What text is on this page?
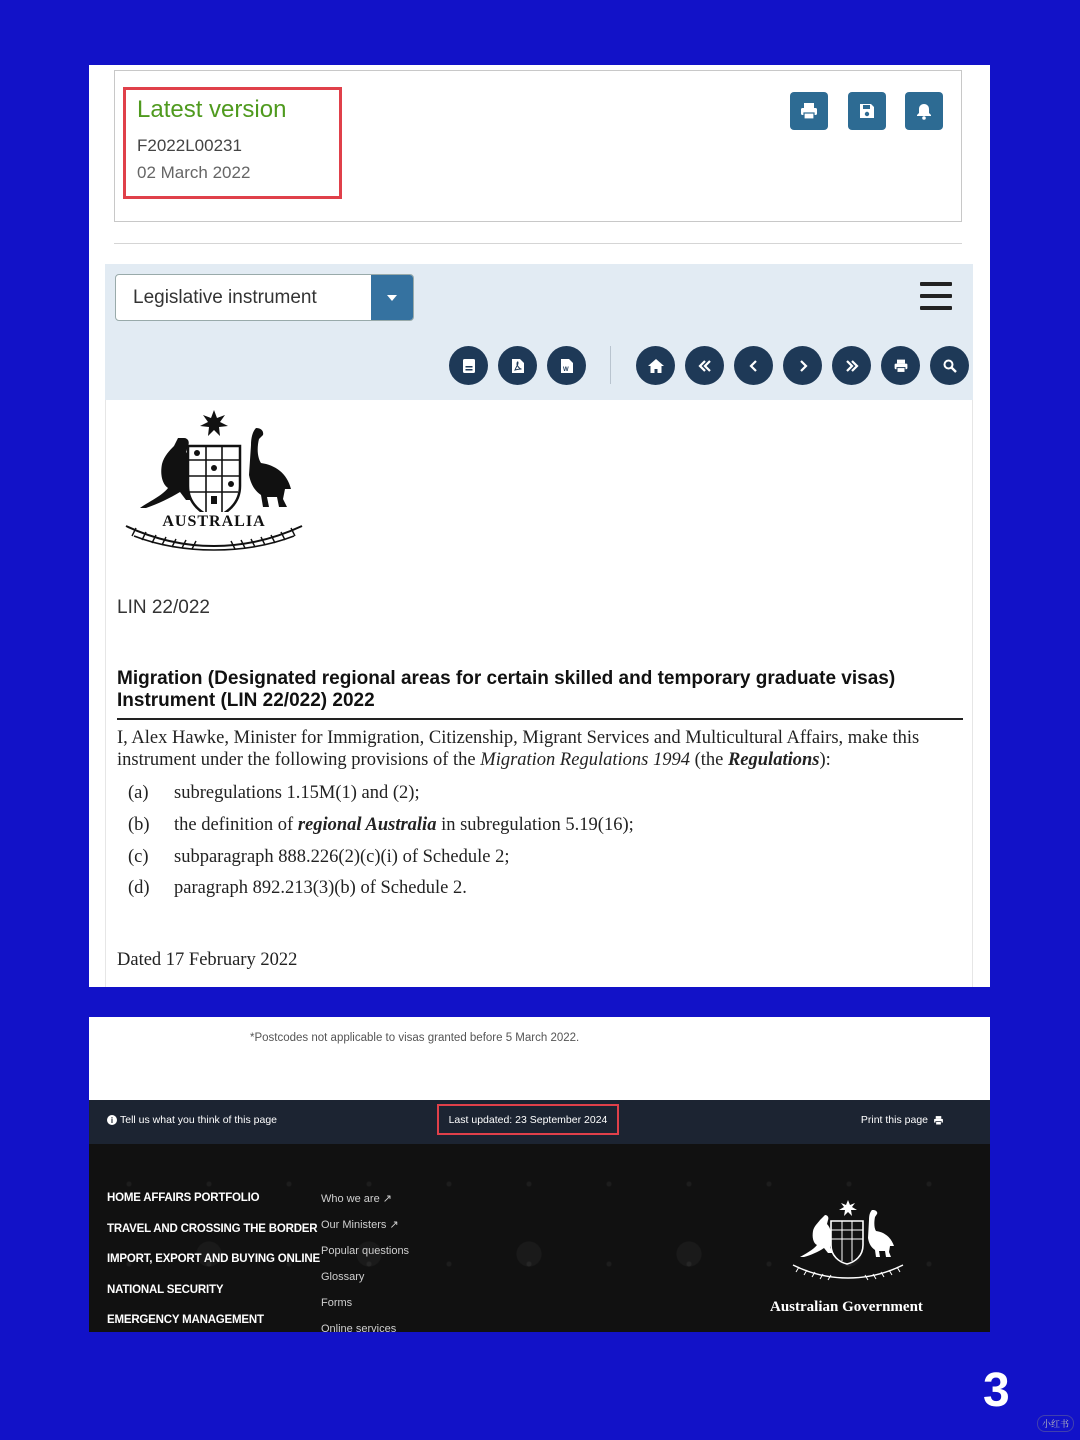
Latest version
F2022L00231
02 March 2022
Legislative instrument
W
AUSTRALIA
LIN 22/022
Migration (Designated regional areas for certain skilled and temporary graduate visas)
Instrument (LIN 22/022) 2022
I, Alex Hawke, Minister for Immigration, Citizenship, Migrant Services and Multicultural Affairs, make this instrument under the following provisions of the Migration Regulations 1994 (the Regulations):
(a) subregulations 1.15M(1) and (2);
(b) the definition of regional Australia in subregulation 5.19(16);
(c) subparagraph 888.226(2)(c)(i) of Schedule 2;
(d) paragraph 892.213(3)(b) of Schedule 2.
Dated 17 February 2022
*Postcodes not applicable to visas granted before 5 March 2022.
i Tell us what you think of this page	Last updated: 23 September 2024	Print this page
HOME AFFAIRS PORTFOLIO
TRAVEL AND CROSSING THE BORDER
IMPORT, EXPORT AND BUYING ONLINE
NATIONAL SECURITY
EMERGENCY MANAGEMENT
Who we are ↗
Our Ministers ↗
Popular questions
Glossary
Forms
Online services
Australian Government
3
小红书
